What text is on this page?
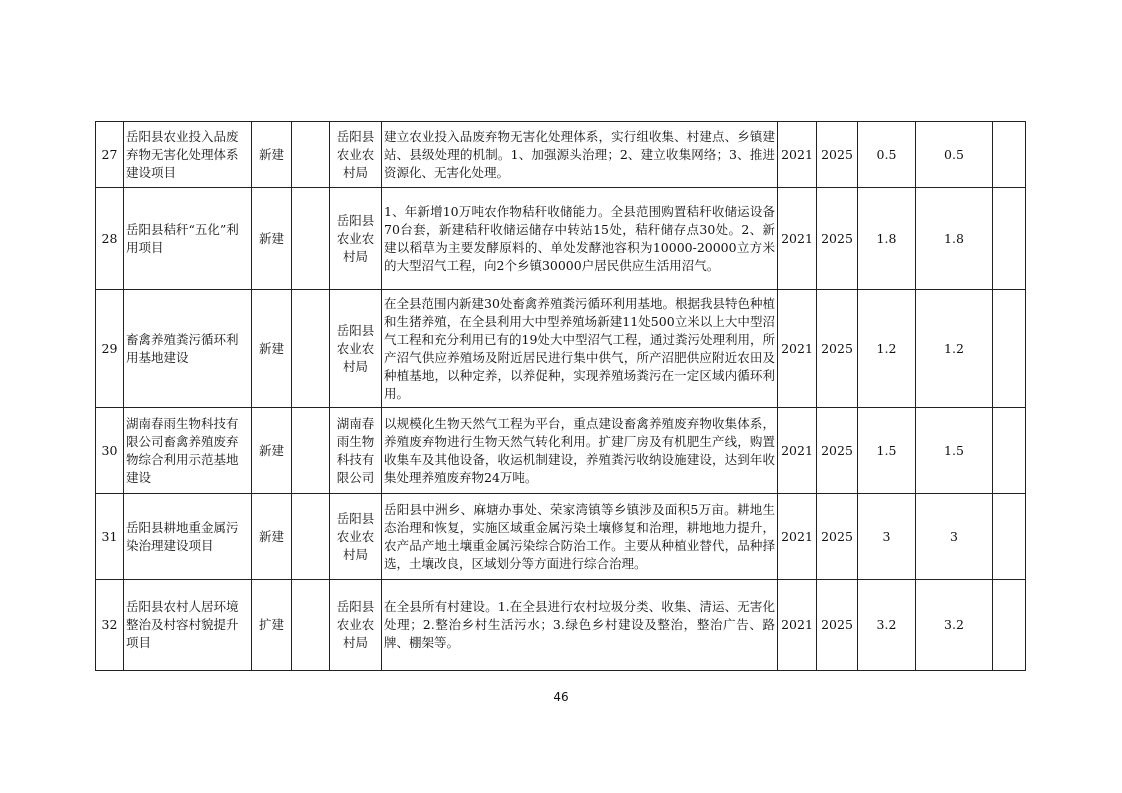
27	岳阳县农业投入品废弃物无害化处理体系建设项目	新建		岳阳县农业农村局	建立农业投入品废弃物无害化处理体系，实行组收集、村建点、乡镇建站、县级处理的机制。1、加强源头治理；2、建立收集网络；3、推进资源化、无害化处理。	2021	2025	0.5	0.5	
28	岳阳县秸秆“五化”利用项目	新建		岳阳县农业农村局	1、年新增10万吨农作物秸秆收储能力。全县范围购置秸秆收储运设备70台套，新建秸秆收储运储存中转站15处，秸秆储存点30处。2、新建以稻草为主要发酵原料的、单处发酵池容积为10000-20000立方米的大型沼气工程，向2个乡镇30000户居民供应生活用沼气。	2021	2025	1.8	1.8	
29	畜禽养殖粪污循环利用基地建设	新建		岳阳县农业农村局	在全县范围内新建30处畜禽养殖粪污循环利用基地。根据我县特色种植和生猪养殖，在全县利用大中型养殖场新建11处500立米以上大中型沼气工程和充分利用已有的19处大中型沼气工程，通过粪污处理利用，所产沼气供应养殖场及附近居民进行集中供气，所产沼肥供应附近农田及种植基地，以种定养，以养促种，实现养殖场粪污在一定区域内循环利用。	2021	2025	1.2	1.2	
30	湖南春雨生物科技有限公司畜禽养殖废弃物综合利用示范基地建设	新建		湖南春雨生物科技有限公司	以规模化生物天然气工程为平台，重点建设畜禽养殖废弃物收集体系，养殖废弃物进行生物天然气转化利用。扩建厂房及有机肥生产线，购置收集车及其他设备，收运机制建设，养殖粪污收纳设施建设，达到年收集处理养殖废弃物24万吨。	2021	2025	1.5	1.5	
31	岳阳县耕地重金属污染治理建设项目	新建		岳阳县农业农村局	岳阳县中洲乡、麻塘办事处、荣家湾镇等乡镇涉及面积5万亩。耕地生态治理和恢复，实施区域重金属污染土壤修复和治理，耕地地力提升，农产品产地土壤重金属污染综合防治工作。主要从种植业替代，品种择选，土壤改良，区域划分等方面进行综合治理。	2021	2025	3	3	
32	岳阳县农村人居环境整治及村容村貌提升项目	扩建		岳阳县农业农村局	在全县所有村建设。1.在全县进行农村垃圾分类、收集、清运、无害化处理；2.整治乡村生活污水；3.绿色乡村建设及整治，整治广告、路牌、棚架等。	2021	2025	3.2	3.2	
46
